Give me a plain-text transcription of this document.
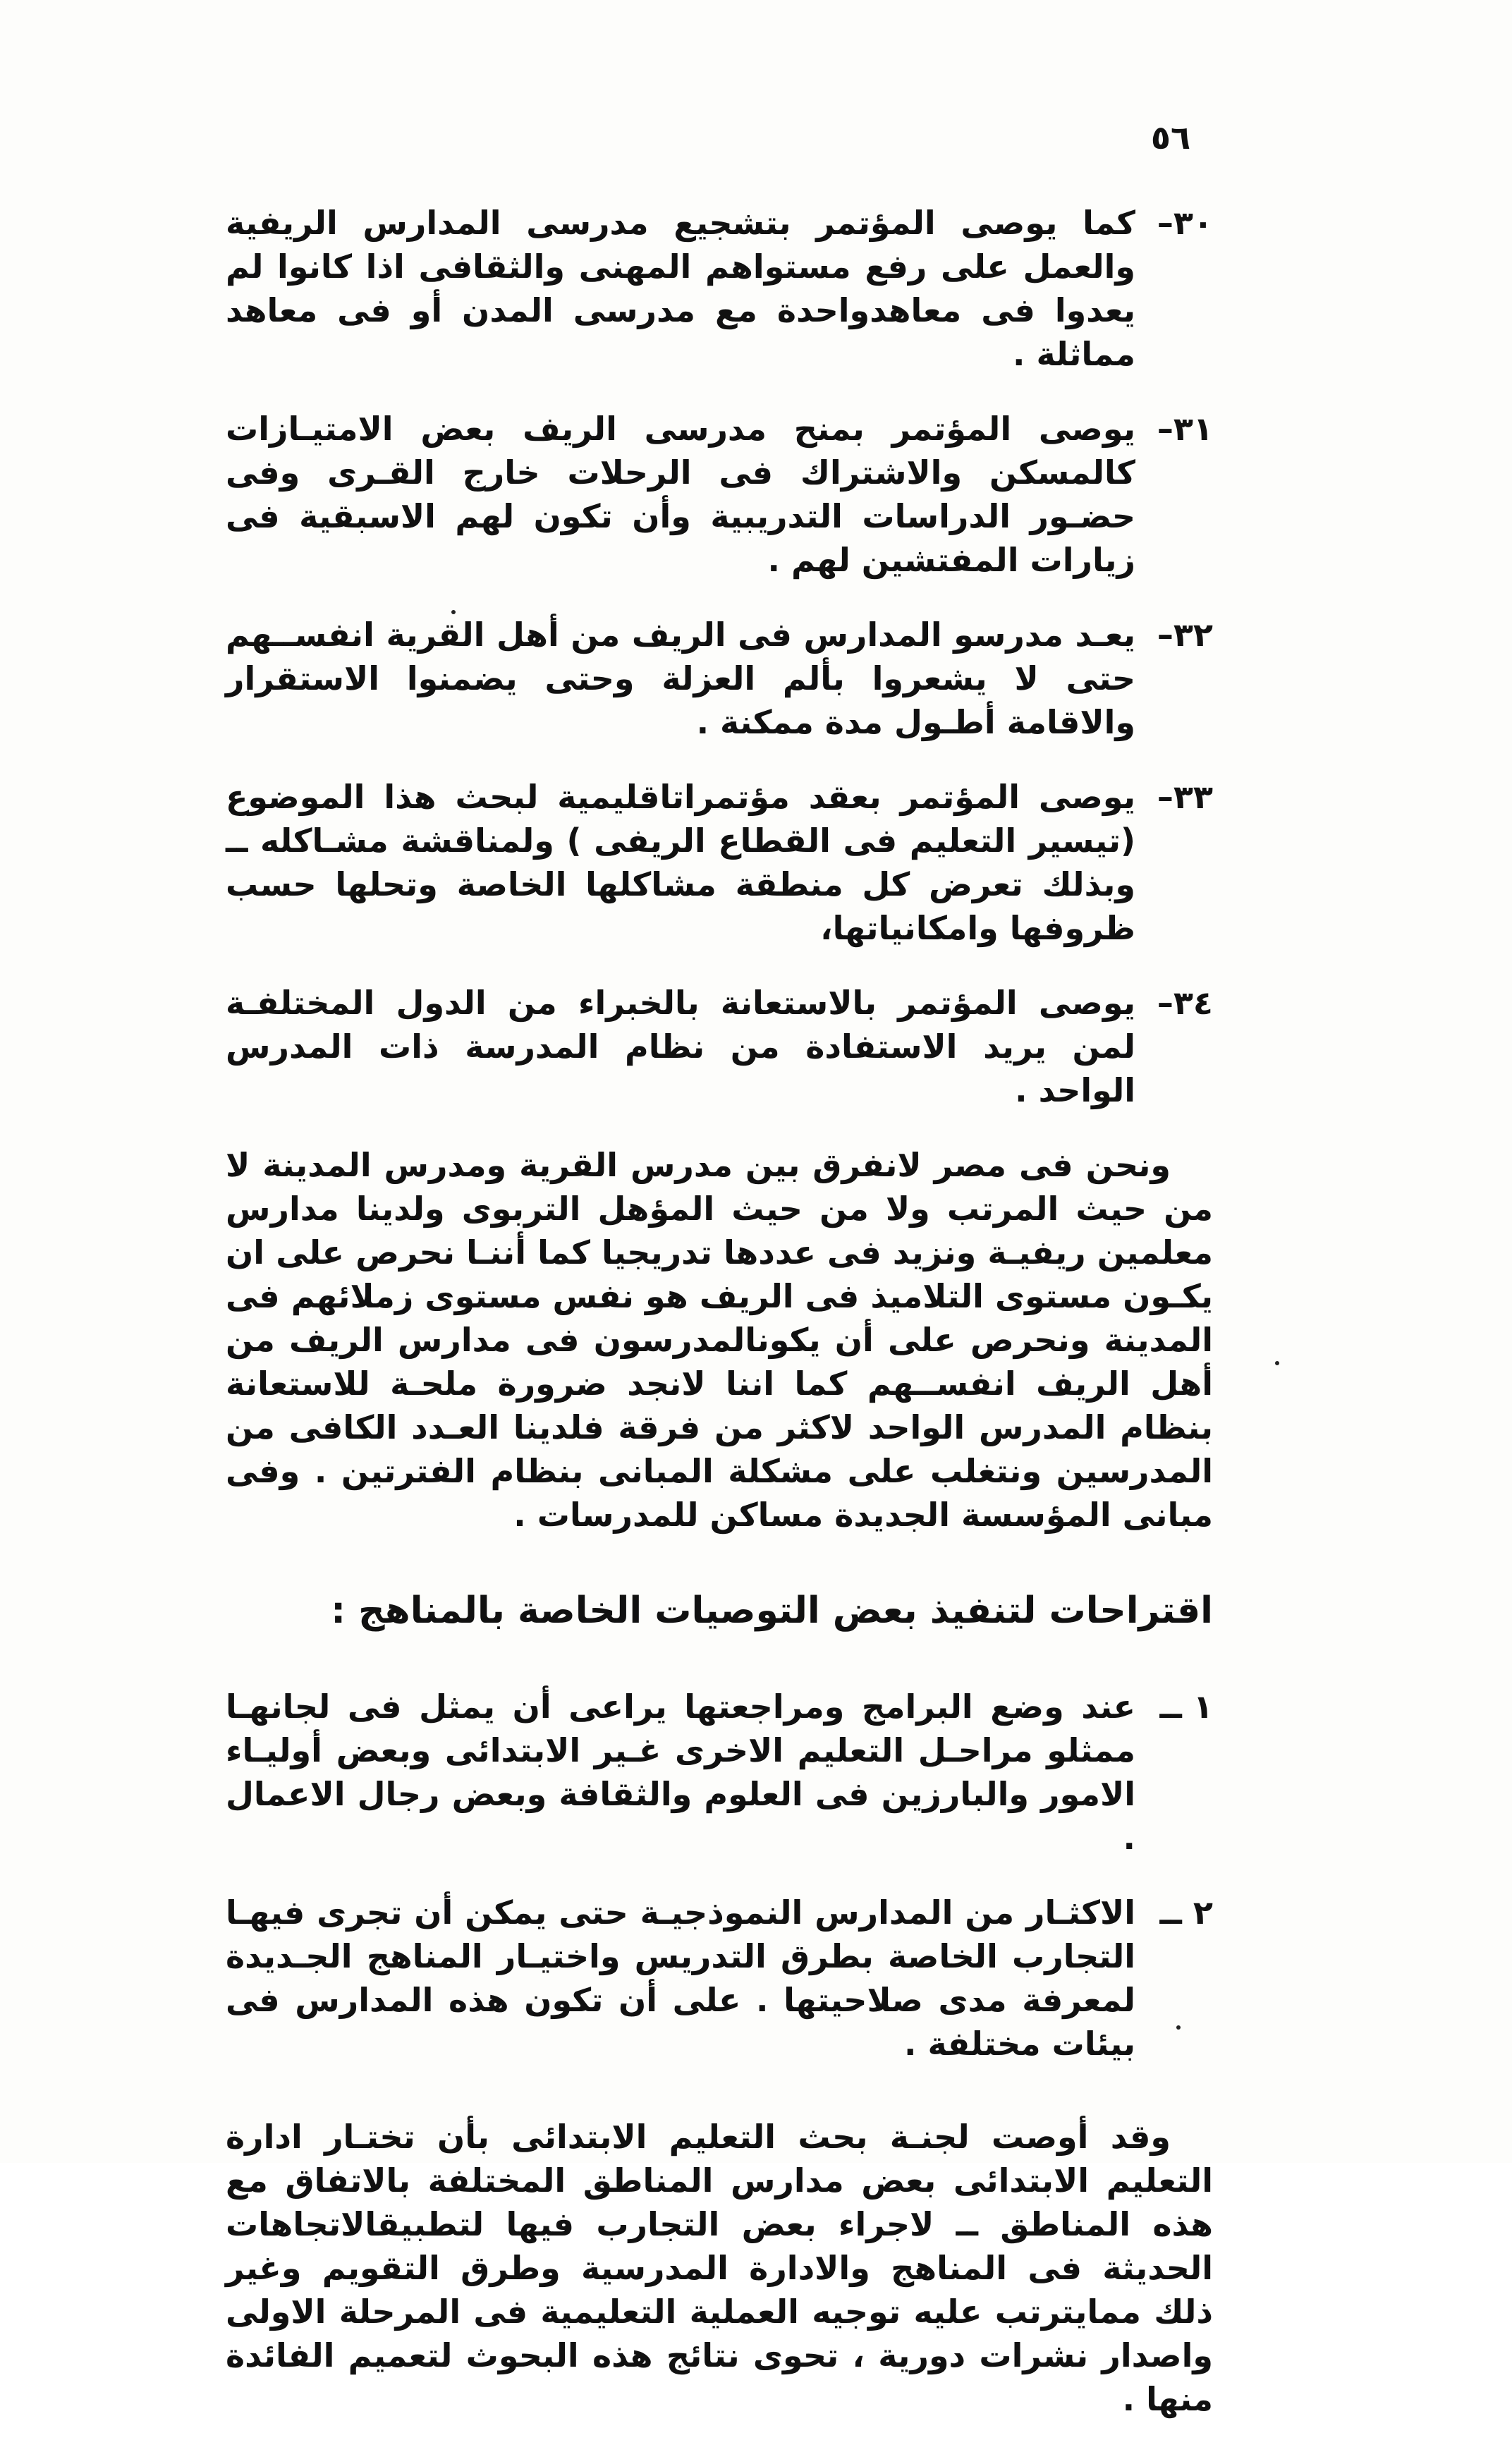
٥٦
٣٠–
كما يوصى المؤتمر بتشجيع مدرسى المدارس الريفية والعمل على رفع مستواهم المهنى والثقافى اذا كانوا لم يعدوا فى معاهدواحدة مع مدرسى المدن أو فى معاهد مماثلة .
٣١–
يوصى المؤتمر بمنح مدرسى الريف بعض الامتيـازات كالمسكن والاشتراك فى الرحلات خارج القـرى وفى حضـور الدراسات التدريبية وأن تكون لهم الاسبقية فى زيارات المفتشين لهم .
٣٢–
يعـد مدرسو المدارس فى الريف من أهل القرية انفســهم حتى لا يشعروا بألم العزلة وحتى يضمنوا الاستقرار والاقامة أطـول مدة ممكنة .
٣٣–
يوصى المؤتمر بعقد مؤتمراتاقليمية لبحث هذا الموضوع (تيسير التعليم فى القطاع الريفى ) ولمناقشة مشـاكله ــ وبذلك تعرض كل منطقة مشاكلها الخاصة وتحلها حسب ظروفها وامكانياتها،
٣٤–
يوصى المؤتمر بالاستعانة بالخبراء من الدول المختلفـة لمن يريد الاستفادة من نظام المدرسة ذات المدرس الواحد .

ونحن فى مصر لانفرق بين مدرس القرية ومدرس المدينة لا من حيث المرتب ولا من حيث المؤهل التربوى ولدينا مدارس معلمين ريفيـة ونزيد فى عددها تدريجيا كما أننـا نحرص على ان يكـون مستوى التلاميذ فى الريف هو نفس مستوى زملائهم فى المدينة ونحرص على أن يكونالمدرسون فى مدارس الريف من أهل الريف انفســهم كما اننا لانجد ضرورة ملحـة للاستعانة بنظام المدرس الواحد لاكثر من فرقة فلدينا العـدد الكافى من المدرسين ونتغلب على مشكلة المبانى بنظام الفترتين . وفى مبانى المؤسسة الجديدة مساكن للمدرسات .

اقتراحات لتنفيذ بعض التوصيات الخاصة بالمناهج :
١ ــ
عند وضع البرامج ومراجعتها يراعى أن يمثل فى لجانهـا ممثلو مراحـل التعليم الاخرى غـير الابتدائى وبعض أوليـاء الامور والبارزين فى العلوم والثقافة وبعض رجال الاعمال .
٢ ــ
الاكثـار من المدارس النموذجيـة حتى يمكن أن تجرى فيهـا التجارب الخاصة بطرق التدريس واختيـار المناهج الجـديدة لمعرفة مدى صلاحيتها . على أن تكون هذه المدارس فى بيئات مختلفة .

وقد أوصت لجنـة بحث التعليم الابتدائى بأن تختـار ادارة التعليم الابتدائى بعض مدارس المناطق المختلفة بالاتفاق مع هذه المناطق ــ لاجراء بعض التجارب فيها لتطبيقالاتجاهات الحديثة فى المناهج والادارة المدرسية وطرق التقويم وغير ذلك ممايترتب عليه توجيه العملية التعليمية فى المرحلة الاولى واصدار نشرات دورية ، تحوى نتائج هذه البحوث لتعميم الفائدة منها .
